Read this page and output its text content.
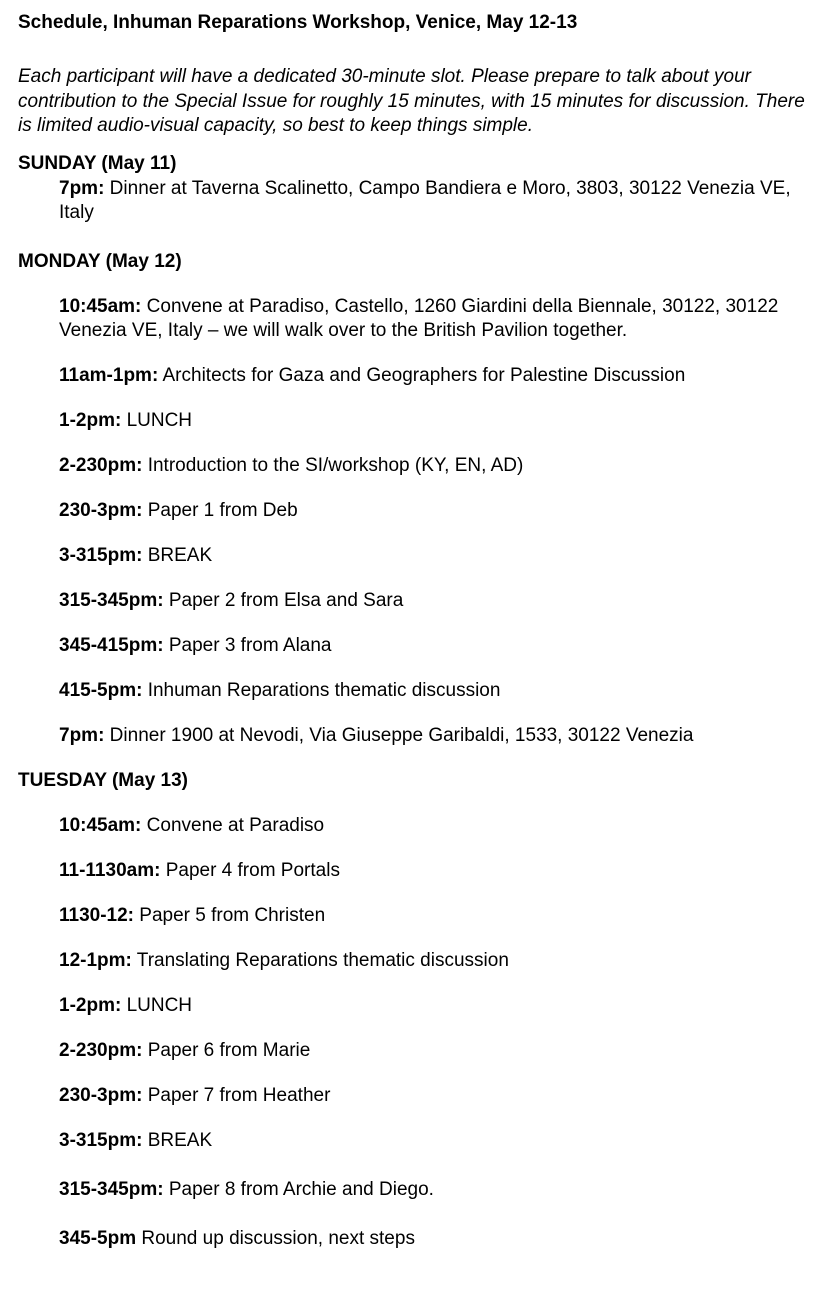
Schedule, Inhuman Reparations Workshop, Venice, May 12-13

Each participant will have a dedicated 30-minute slot. Please prepare to talk about your contribution to the Special Issue for roughly 15 minutes, with 15 minutes for discussion. There is limited audio-visual capacity, so best to keep things simple.

SUNDAY (May 11)

7pm: Dinner at Taverna Scalinetto, Campo Bandiera e Moro, 3803, 30122 Venezia VE, Italy

MONDAY (May 12)

10:45am: Convene at Paradiso, Castello, 1260 Giardini della Biennale, 30122, 30122 Venezia VE, Italy – we will walk over to the British Pavilion together.

11am-1pm: Architects for Gaza and Geographers for Palestine Discussion

1-2pm: LUNCH

2-230pm: Introduction to the SI/workshop (KY, EN, AD)

230-3pm: Paper 1 from Deb

3-315pm: BREAK

315-345pm: Paper 2 from Elsa and Sara

345-415pm: Paper 3 from Alana

415-5pm: Inhuman Reparations thematic discussion

7pm: Dinner 1900 at Nevodi, Via Giuseppe Garibaldi, 1533, 30122 Venezia

TUESDAY (May 13)

10:45am: Convene at Paradiso

11-1130am: Paper 4 from Portals

1130-12: Paper 5 from Christen

12-1pm: Translating Reparations thematic discussion

1-2pm: LUNCH

2-230pm: Paper 6 from Marie

230-3pm: Paper 7 from Heather

3-315pm: BREAK

315-345pm: Paper 8 from Archie and Diego.

345-5pm Round up discussion, next steps
